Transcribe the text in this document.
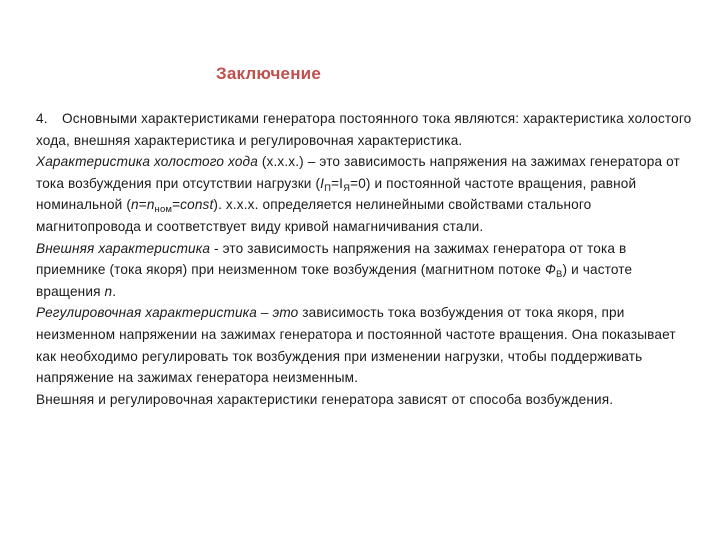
Заключение

4. Основными характеристиками генератора постоянного тока являются: характеристика холостого хода, внешняя характеристика и регулировочная характеристика.

Характеристика холостого хода (х.х.х.) – это зависимость напряжения на зажимах генератора от тока возбуждения при отсутствии нагрузки $(I_П=I_Я=0)$ и постоянной частоте вращения, равной номинальной $(n=n_{ном}=const)$. х.х.х. определяется нелинейными свойствами стального магнитопровода и соответствует виду кривой намагничивания стали.

Внешняя характеристика - это зависимость напряжения на зажимах генератора от тока в приемнике (тока якоря) при неизменном токе возбуждения (магнитном потоке $Ф_В$) и частоте вращения n.

Регулировочная характеристика – это зависимость тока возбуждения от тока якоря, при неизменном напряжении на зажимах генератора и постоянной частоте вращения. Она показывает как необходимо регулировать ток возбуждения при изменении нагрузки, чтобы поддерживать напряжение на зажимах генератора неизменным.

Внешняя и регулировочная характеристики генератора зависят от способа возбуждения.
